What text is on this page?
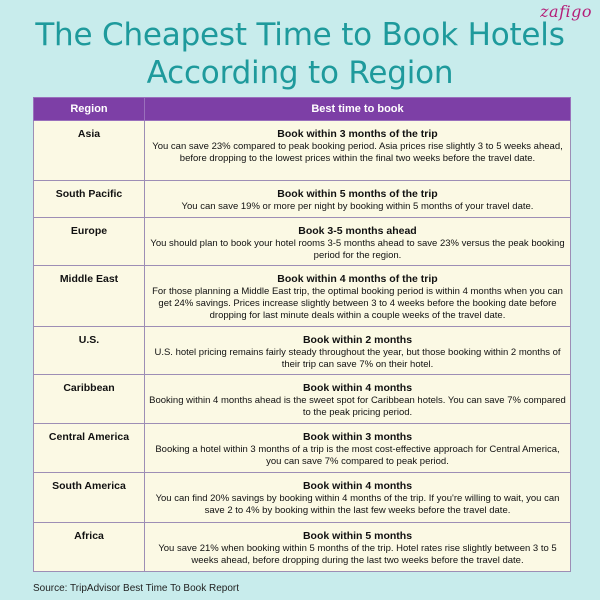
zafigo
The Cheapest Time to Book Hotels
According to Region
Region	Best time to book
Asia	Book within 3 months of the trip
You can save 23% compared to peak booking period. Asia prices rise slightly 3 to 5 weeks ahead, before dropping to the lowest prices within the final two weeks before the travel date.

South Pacific	Book within 5 months of the trip
You can save 19% or more per night by booking within 5 months of your travel date.

Europe	Book 3-5 months ahead
You should plan to book your hotel rooms 3-5 months ahead to save 23% versus the peak booking period for the region.

Middle East	Book within 4 months of the trip
For those planning a Middle East trip, the optimal booking period is within 4 months when you can get 24% savings. Prices increase slightly between 3 to 4 weeks before the booking date before dropping for last minute deals within a couple weeks of the travel date.

U.S.	Book within 2 months
U.S. hotel pricing remains fairly steady throughout the year, but those booking within 2 months of their trip can save 7% on their hotel.

Caribbean	Book within 4 months
Booking within 4 months ahead is the sweet spot for Caribbean hotels. You can save 7% compared to the peak pricing period.

Central America	Book within 3 months
Booking a hotel within 3 months of a trip is the most cost-effective approach for Central America, you can save 7% compared to peak period.

South America	Book within 4 months
You can find 20% savings by booking within 4 months of the trip. If you're willing to wait, you can save 2 to 4% by booking within the last few weeks before the travel date.

Africa	Book within 5 months
You save 21% when booking within 5 months of the trip. Hotel rates rise slightly between 3 to 5 weeks ahead, before dropping during the last two weeks before the travel date.
Source: TripAdvisor Best Time To Book Report
